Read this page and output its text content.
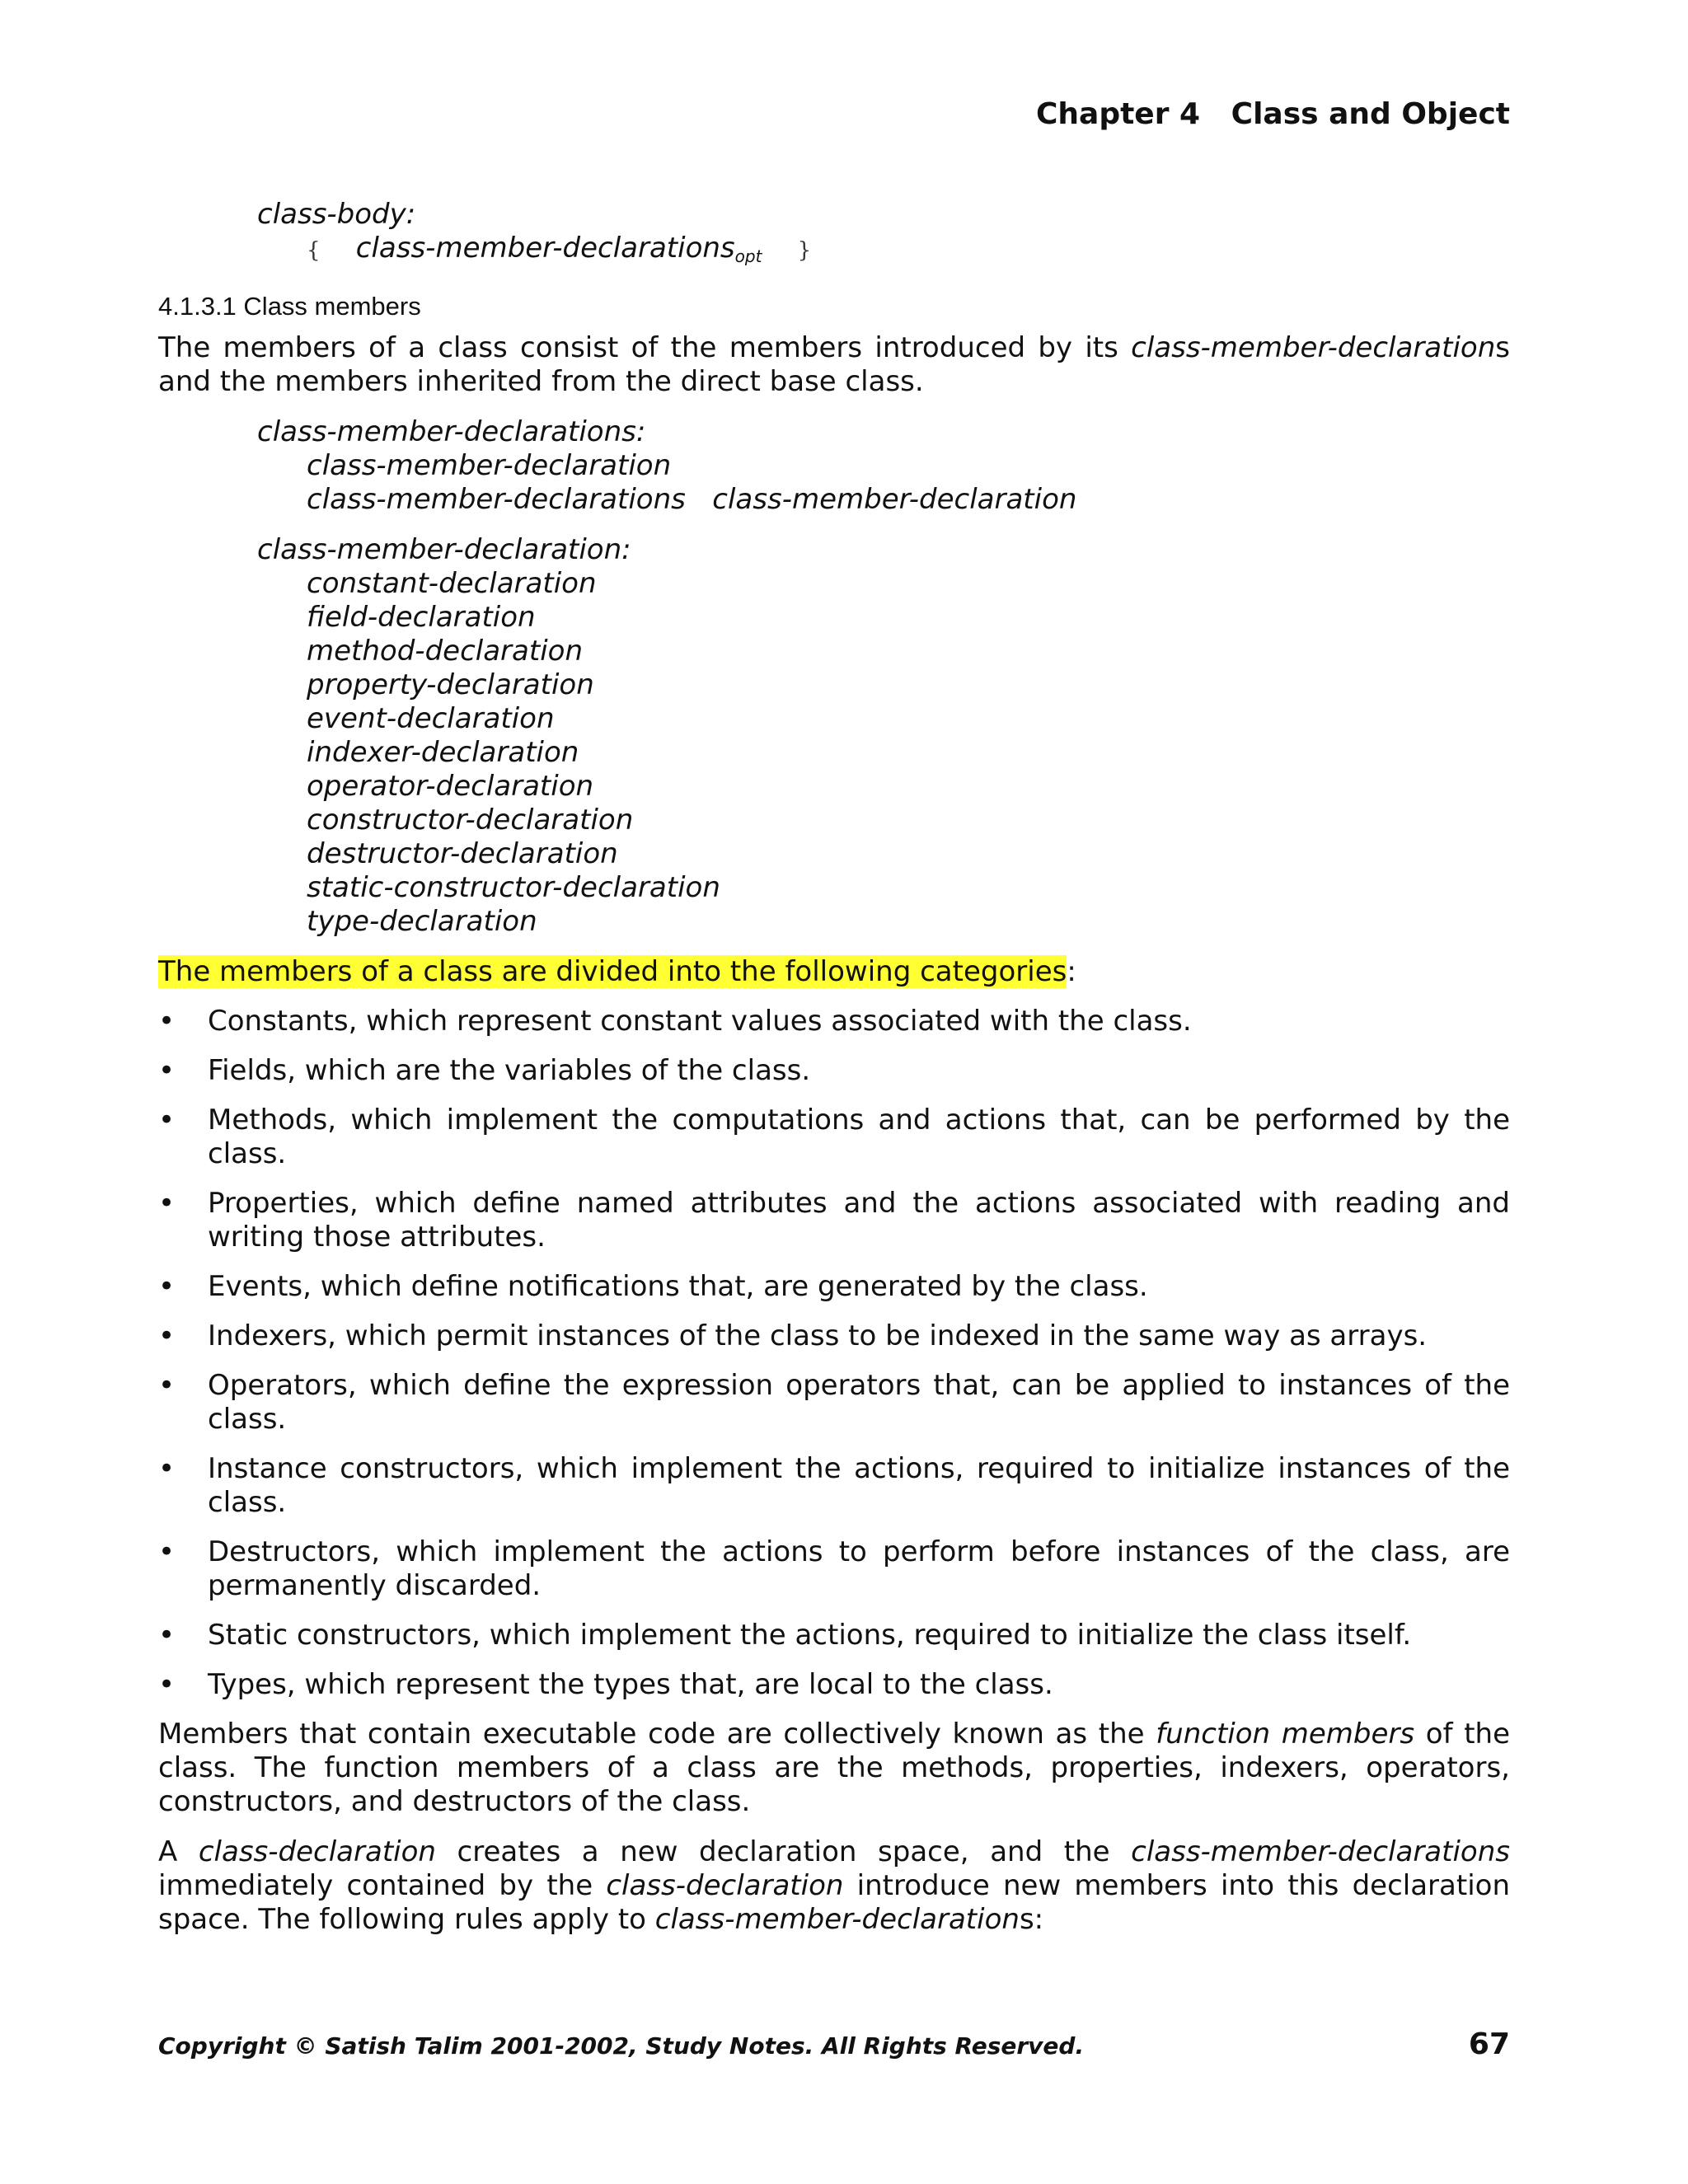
Chapter 4   Class and Object
class-body:
{ class-member-declarations$_{opt}$ }
4.1.3.1 Class members

The members of a class consist of the members introduced by its class-member-declarations and the members inherited from the direct base class.

class-member-declarations:
class-member-declaration
class-member-declarations class-member-declaration
class-member-declaration:
constant-declaration
field-declaration
method-declaration
property-declaration
event-declaration
indexer-declaration
operator-declaration
constructor-declaration
destructor-declaration
static-constructor-declaration
type-declaration

The members of a class are divided into the following categories:

• Constants, which represent constant values associated with the class.
• Fields, which are the variables of the class.
• Methods, which implement the computations and actions that, can be performed by the class.
• Properties, which define named attributes and the actions associated with reading and writing those attributes.
• Events, which define notifications that, are generated by the class.
• Indexers, which permit instances of the class to be indexed in the same way as arrays.
• Operators, which define the expression operators that, can be applied to instances of the class.
• Instance constructors, which implement the actions, required to initialize instances of the class.
• Destructors, which implement the actions to perform before instances of the class, are permanently discarded.
• Static constructors, which implement the actions, required to initialize the class itself.
• Types, which represent the types that, are local to the class.

Members that contain executable code are collectively known as the function members of the class. The function members of a class are the methods, properties, indexers, operators, constructors, and destructors of the class.

A class-declaration creates a new declaration space, and the class-member-declarations immediately contained by the class-declaration introduce new members into this declaration space. The following rules apply to class-member-declarations:

Copyright © Satish Talim 2001-2002, Study Notes. All Rights Reserved.	67
